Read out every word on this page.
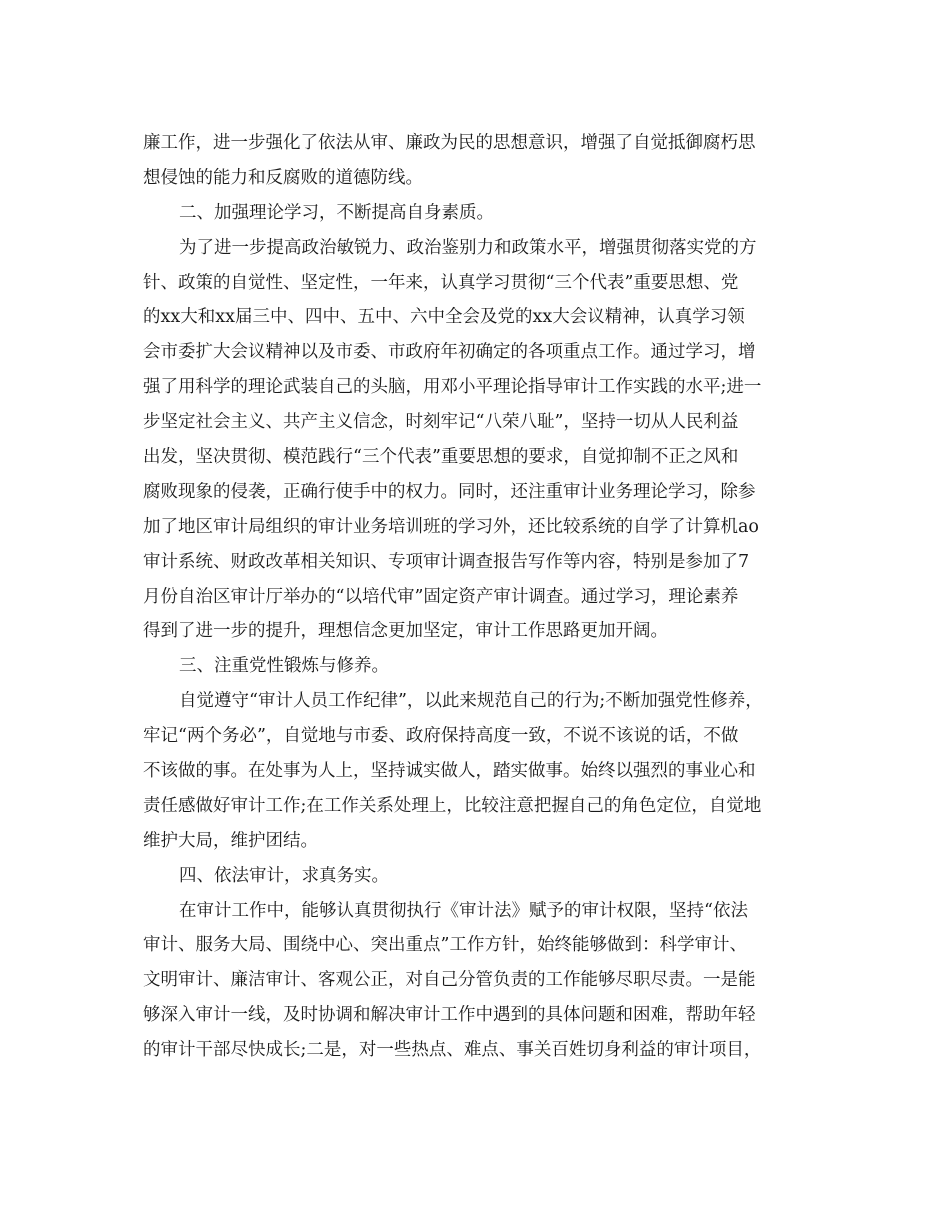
廉工作，进一步强化了依法从审、廉政为民的思想意识，增强了自觉抵御腐朽思
想侵蚀的能力和反腐败的道德防线。
二、加强理论学习，不断提高自身素质。
为了进一步提高政治敏锐力、政治鉴别力和政策水平，增强贯彻落实党的方
针、政策的自觉性、坚定性，一年来，认真学习贯彻“三个代表”重要思想、党
的xx大和xx届三中、四中、五中、六中全会及党的xx大会议精神，认真学习领
会市委扩大会议精神以及市委、市政府年初确定的各项重点工作。通过学习，增
强了用科学的理论武装自己的头脑，用邓小平理论指导审计工作实践的水平;进一
步坚定社会主义、共产主义信念，时刻牢记“八荣八耻”，坚持一切从人民利益
出发，坚决贯彻、模范践行“三个代表”重要思想的要求，自觉抑制不正之风和
腐败现象的侵袭，正确行使手中的权力。同时，还注重审计业务理论学习，除参
加了地区审计局组织的审计业务培训班的学习外，还比较系统的自学了计算机ao
审计系统、财政改革相关知识、专项审计调查报告写作等内容，特别是参加了7
月份自治区审计厅举办的“以培代审”固定资产审计调查。通过学习，理论素养
得到了进一步的提升，理想信念更加坚定，审计工作思路更加开阔。
三、注重党性锻炼与修养。
自觉遵守“审计人员工作纪律”，以此来规范自己的行为;不断加强党性修养，
牢记“两个务必”，自觉地与市委、政府保持高度一致，不说不该说的话，不做
不该做的事。在处事为人上，坚持诚实做人，踏实做事。始终以强烈的事业心和
责任感做好审计工作;在工作关系处理上，比较注意把握自己的角色定位，自觉地
维护大局，维护团结。
四、依法审计，求真务实。
在审计工作中，能够认真贯彻执行《审计法》赋予的审计权限，坚持“依法
审计、服务大局、围绕中心、突出重点”工作方针，始终能够做到：科学审计、
文明审计、廉洁审计、客观公正，对自己分管负责的工作能够尽职尽责。一是能
够深入审计一线，及时协调和解决审计工作中遇到的具体问题和困难，帮助年轻
的审计干部尽快成长;二是，对一些热点、难点、事关百姓切身利益的审计项目，
